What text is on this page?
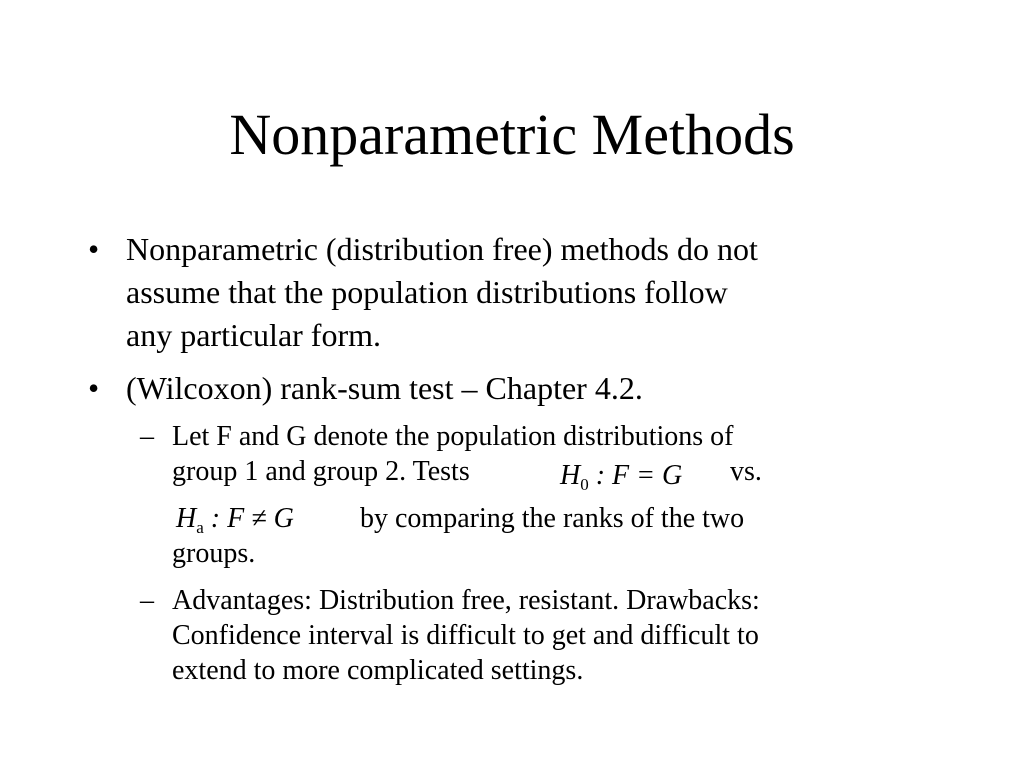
Nonparametric Methods
• Nonparametric (distribution free) methods do not
assume that the population distributions follow
any particular form.
• (Wilcoxon) rank-sum test – Chapter 4.2.
– Let F and G denote the population distributions of
group 1 and group 2. Tests	$H_0$ : F = G vs.
$H_a$ : F ≠ G by comparing the ranks of the two
groups.
– Advantages: Distribution free, resistant. Drawbacks:
Confidence interval is difficult to get and difficult to
extend to more complicated settings.
